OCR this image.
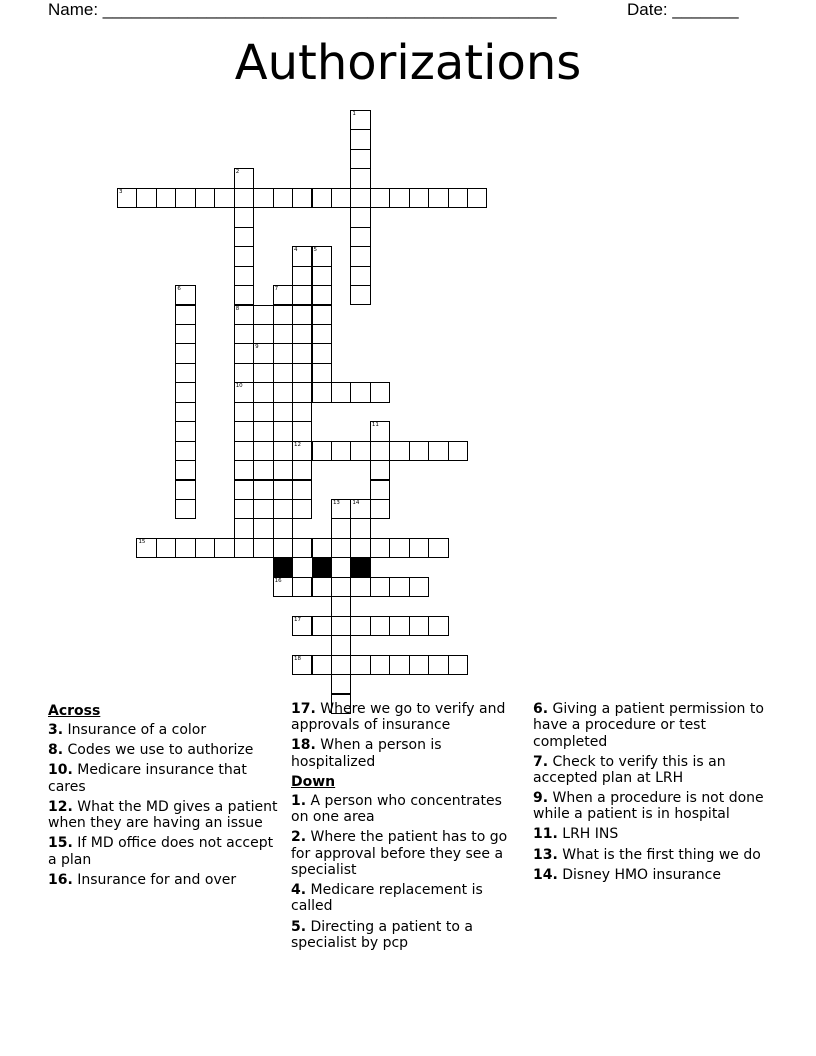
Name: ________________________________________________	Date: _______
Authorizations
1
2
8
10
3
4
12
5
6	7
9
11
13 14
15
16
17
18
Across
3. Insurance of a color
8. Codes we use to authorize
10. Medicare insurance that cares
12. What the MD gives a patient when they are having an issue
15. If MD office does not accept a plan
16. Insurance for and over
17. Where we go to verify and approvals of insurance
18. When a person is hospitalized
Down
1. A person who concentrates on one area
2. Where the patient has to go for approval before they see a specialist
4. Medicare replacement is called
5. Directing a patient to a specialist by pcp
6. Giving a patient permission to have a procedure or test completed
7. Check to verify this is an accepted plan at LRH
9. When a procedure is not done while a patient is in hospital
11. LRH INS
13. What is the first thing we do
14. Disney HMO insurance
